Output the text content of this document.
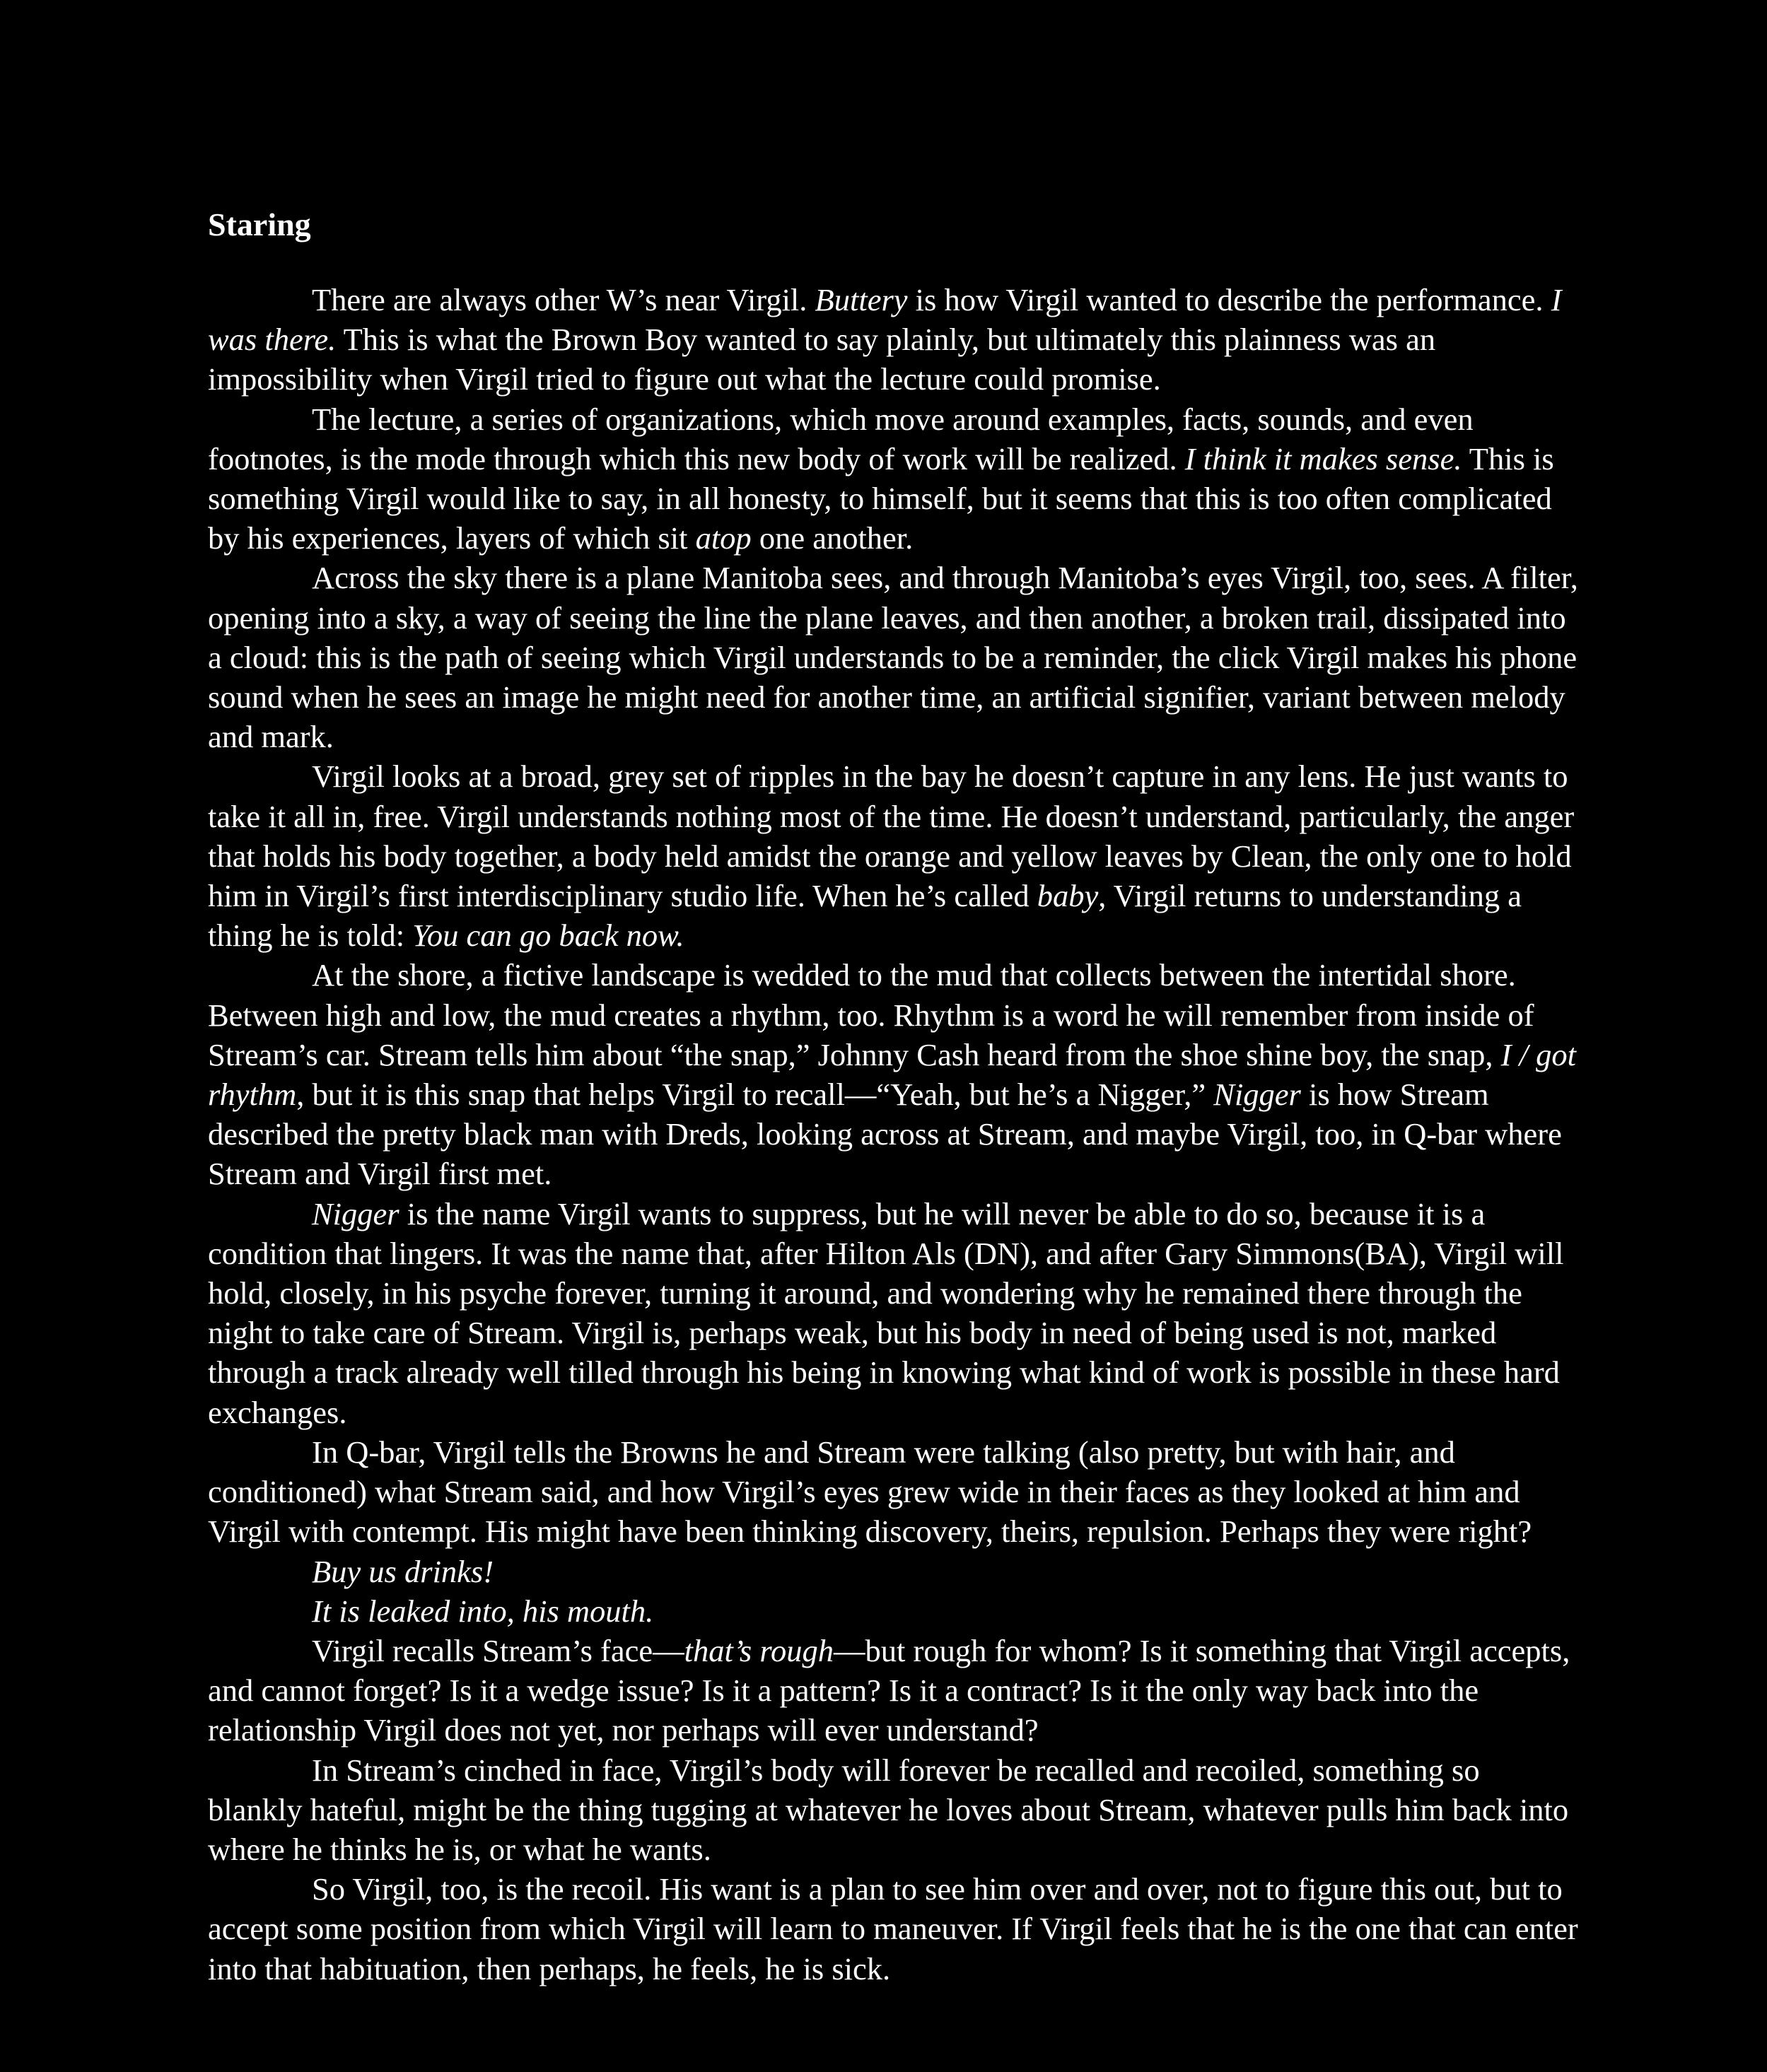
Staring

There are always other W’s near Virgil. Buttery is how Virgil wanted to describe the performance. I was there. This is what the Brown Boy wanted to say plainly, but ultimately this plainness was an impossibility when Virgil tried to figure out what the lecture could promise.

The lecture, a series of organizations, which move around examples, facts, sounds, and even footnotes, is the mode through which this new body of work will be realized. I think it makes sense. This is something Virgil would like to say, in all honesty, to himself, but it seems that this is too often complicated by his experiences, layers of which sit atop one another.

Across the sky there is a plane Manitoba sees, and through Manitoba’s eyes Virgil, too, sees. A filter, opening into a sky, a way of seeing the line the plane leaves, and then another, a broken trail, dissipated into a cloud: this is the path of seeing which Virgil understands to be a reminder, the click Virgil makes his phone sound when he sees an image he might need for another time, an artificial signifier, variant between melody and mark.

Virgil looks at a broad, grey set of ripples in the bay he doesn’t capture in any lens. He just wants to take it all in, free. Virgil understands nothing most of the time. He doesn’t understand, particularly, the anger that holds his body together, a body held amidst the orange and yellow leaves by Clean, the only one to hold him in Virgil’s first interdisciplinary studio life. When he’s called baby, Virgil returns to understanding a thing he is told: You can go back now.

At the shore, a fictive landscape is wedded to the mud that collects between the intertidal shore. Between high and low, the mud creates a rhythm, too. Rhythm is a word he will remember from inside of Stream’s car. Stream tells him about “the snap,” Johnny Cash heard from the shoe shine boy, the snap, I / got rhythm, but it is this snap that helps Virgil to recall—“Yeah, but he’s a Nigger,” Nigger is how Stream described the pretty black man with Dreds, looking across at Stream, and maybe Virgil, too, in Q-bar where Stream and Virgil first met.

Nigger is the name Virgil wants to suppress, but he will never be able to do so, because it is a condition that lingers. It was the name that, after Hilton Als (DN), and after Gary Simmons(BA), Virgil will hold, closely, in his psyche forever, turning it around, and wondering why he remained there through the night to take care of Stream. Virgil is, perhaps weak, but his body in need of being used is not, marked through a track already well tilled through his being in knowing what kind of work is possible in these hard exchanges.

In Q-bar, Virgil tells the Browns he and Stream were talking (also pretty, but with hair, and conditioned) what Stream said, and how Virgil’s eyes grew wide in their faces as they looked at him and Virgil with contempt. His might have been thinking discovery, theirs, repulsion. Perhaps they were right?

Buy us drinks!

It is leaked into, his mouth.

Virgil recalls Stream’s face—that’s rough—but rough for whom? Is it something that Virgil accepts, and cannot forget? Is it a wedge issue? Is it a pattern? Is it a contract? Is it the only way back into the relationship Virgil does not yet, nor perhaps will ever understand?

In Stream’s cinched in face, Virgil’s body will forever be recalled and recoiled, something so blankly hateful, might be the thing tugging at whatever he loves about Stream, whatever pulls him back into where he thinks he is, or what he wants.

So Virgil, too, is the recoil. His want is a plan to see him over and over, not to figure this out, but to accept some position from which Virgil will learn to maneuver. If Virgil feels that he is the one that can enter into that habituation, then perhaps, he feels, he is sick.
